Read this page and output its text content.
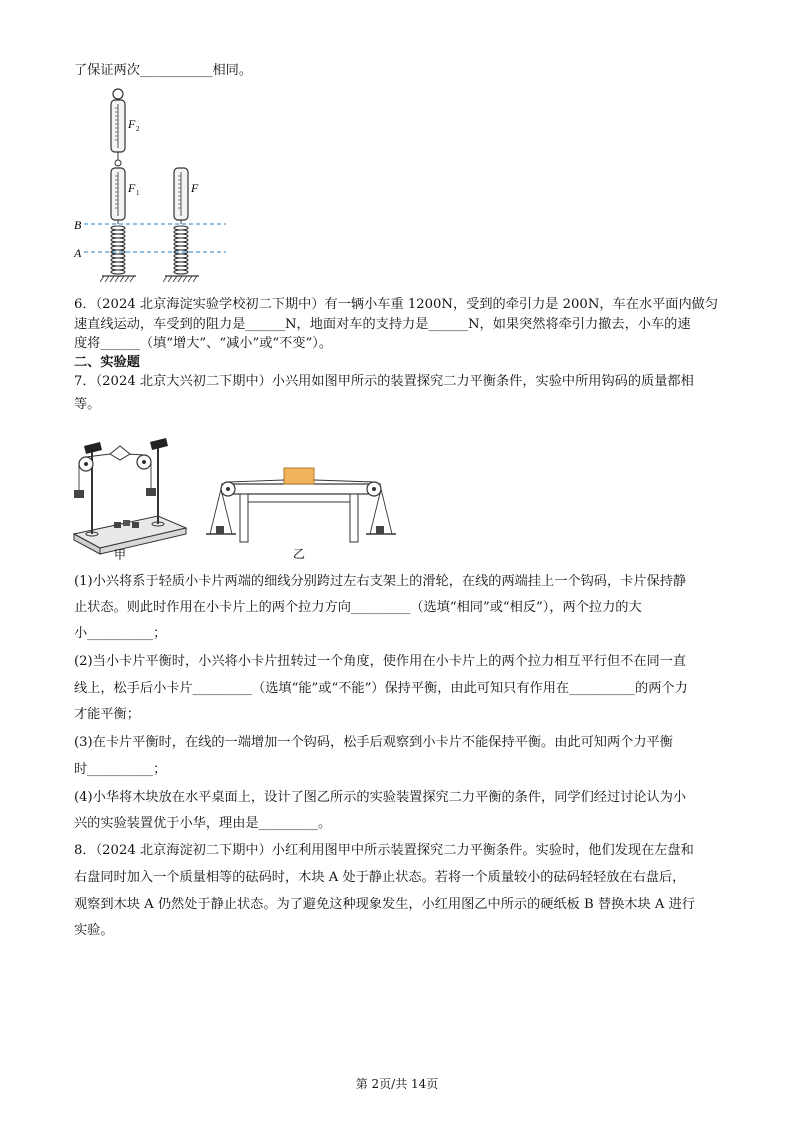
了保证两次___________相同。
F 2
F 1	F
B
A
6．（2024 北京海淀实验学校初二下期中）有一辆小车重 1200N，受到的牵引力是 200N，车在水平面内做匀
速直线运动，车受到的阻力是______N，地面对车的支持力是______N，如果突然将牵引力撤去，小车的速
度将______（填“增大”、“减小”或“不变”）。
二、实验题
7．（2024 北京大兴初二下期中）小兴用如图甲所示的装置探究二力平衡条件，实验中所用钩码的质量都相
等。
甲	乙
(1)小兴将系于轻质小卡片两端的细线分别跨过左右支架上的滑轮，在线的两端挂上一个钩码，卡片保持静
止状态。则此时作用在小卡片上的两个拉力方向_________（选填“相同”或“相反”），两个拉力的大
小__________；
(2)当小卡片平衡时，小兴将小卡片扭转过一个角度，使作用在小卡片上的两个拉力相互平行但不在同一直
线上，松手后小卡片_________（选填“能”或“不能”）保持平衡，由此可知只有作用在__________的两个力
才能平衡；
(3)在卡片平衡时，在线的一端增加一个钩码，松手后观察到小卡片不能保持平衡。由此可知两个力平衡
时__________；
(4)小华将木块放在水平桌面上，设计了图乙所示的实验装置探究二力平衡的条件，同学们经过讨论认为小
兴的实验装置优于小华，理由是_________。
8．（2024 北京海淀初二下期中）小红利用图甲中所示装置探究二力平衡条件。实验时，他们发现在左盘和
右盘同时加入一个质量相等的砝码时，木块 A 处于静止状态。若将一个质量较小的砝码轻轻放在右盘后，
观察到木块 A 仍然处于静止状态。为了避免这种现象发生，小红用图乙中所示的硬纸板 B 替换木块 A 进行
实验。
第 2页/共 14页
